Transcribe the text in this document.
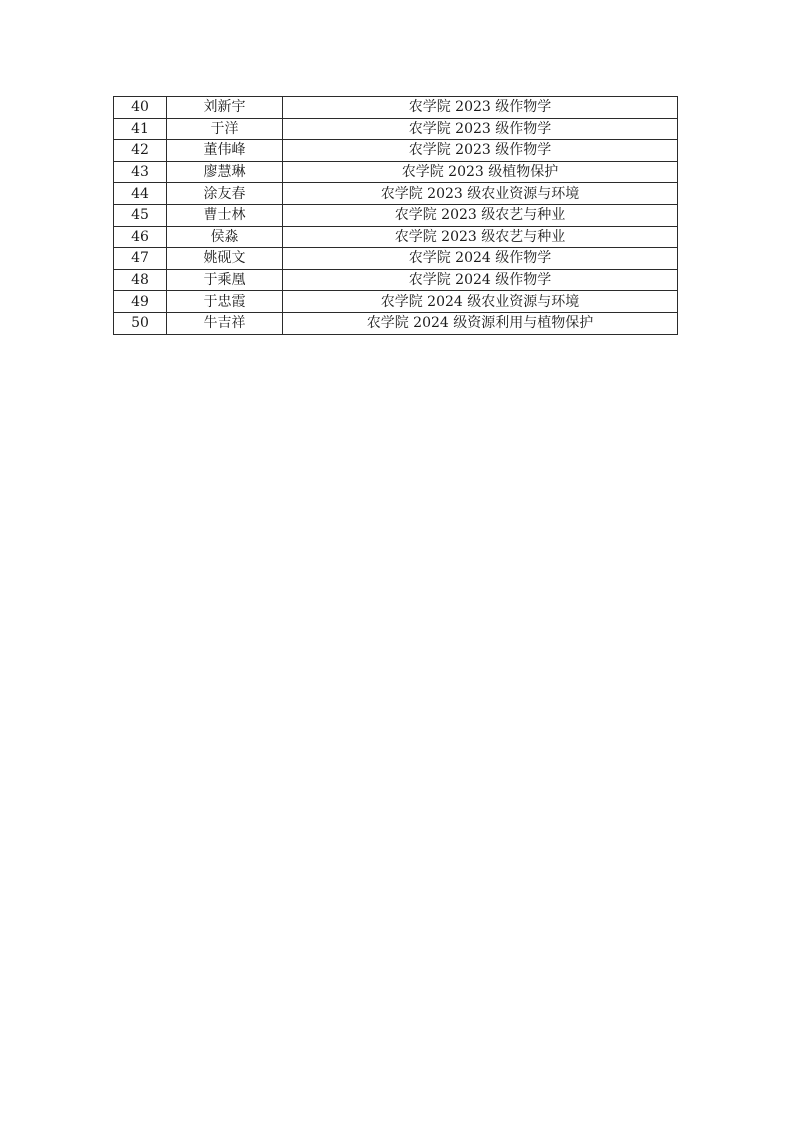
40	刘新宇	农学院 2023 级作物学
41	于洋	农学院 2023 级作物学
42	董伟峰	农学院 2023 级作物学
43	廖慧琳	农学院 2023 级植物保护
44	涂友春	农学院 2023 级农业资源与环境
45	曹士林	农学院 2023 级农艺与种业
46	侯淼	农学院 2023 级农艺与种业
47	姚砚文	农学院 2024 级作物学
48	于乘凰	农学院 2024 级作物学
49	于忠霞	农学院 2024 级农业资源与环境
50	牛吉祥	农学院 2024 级资源利用与植物保护
